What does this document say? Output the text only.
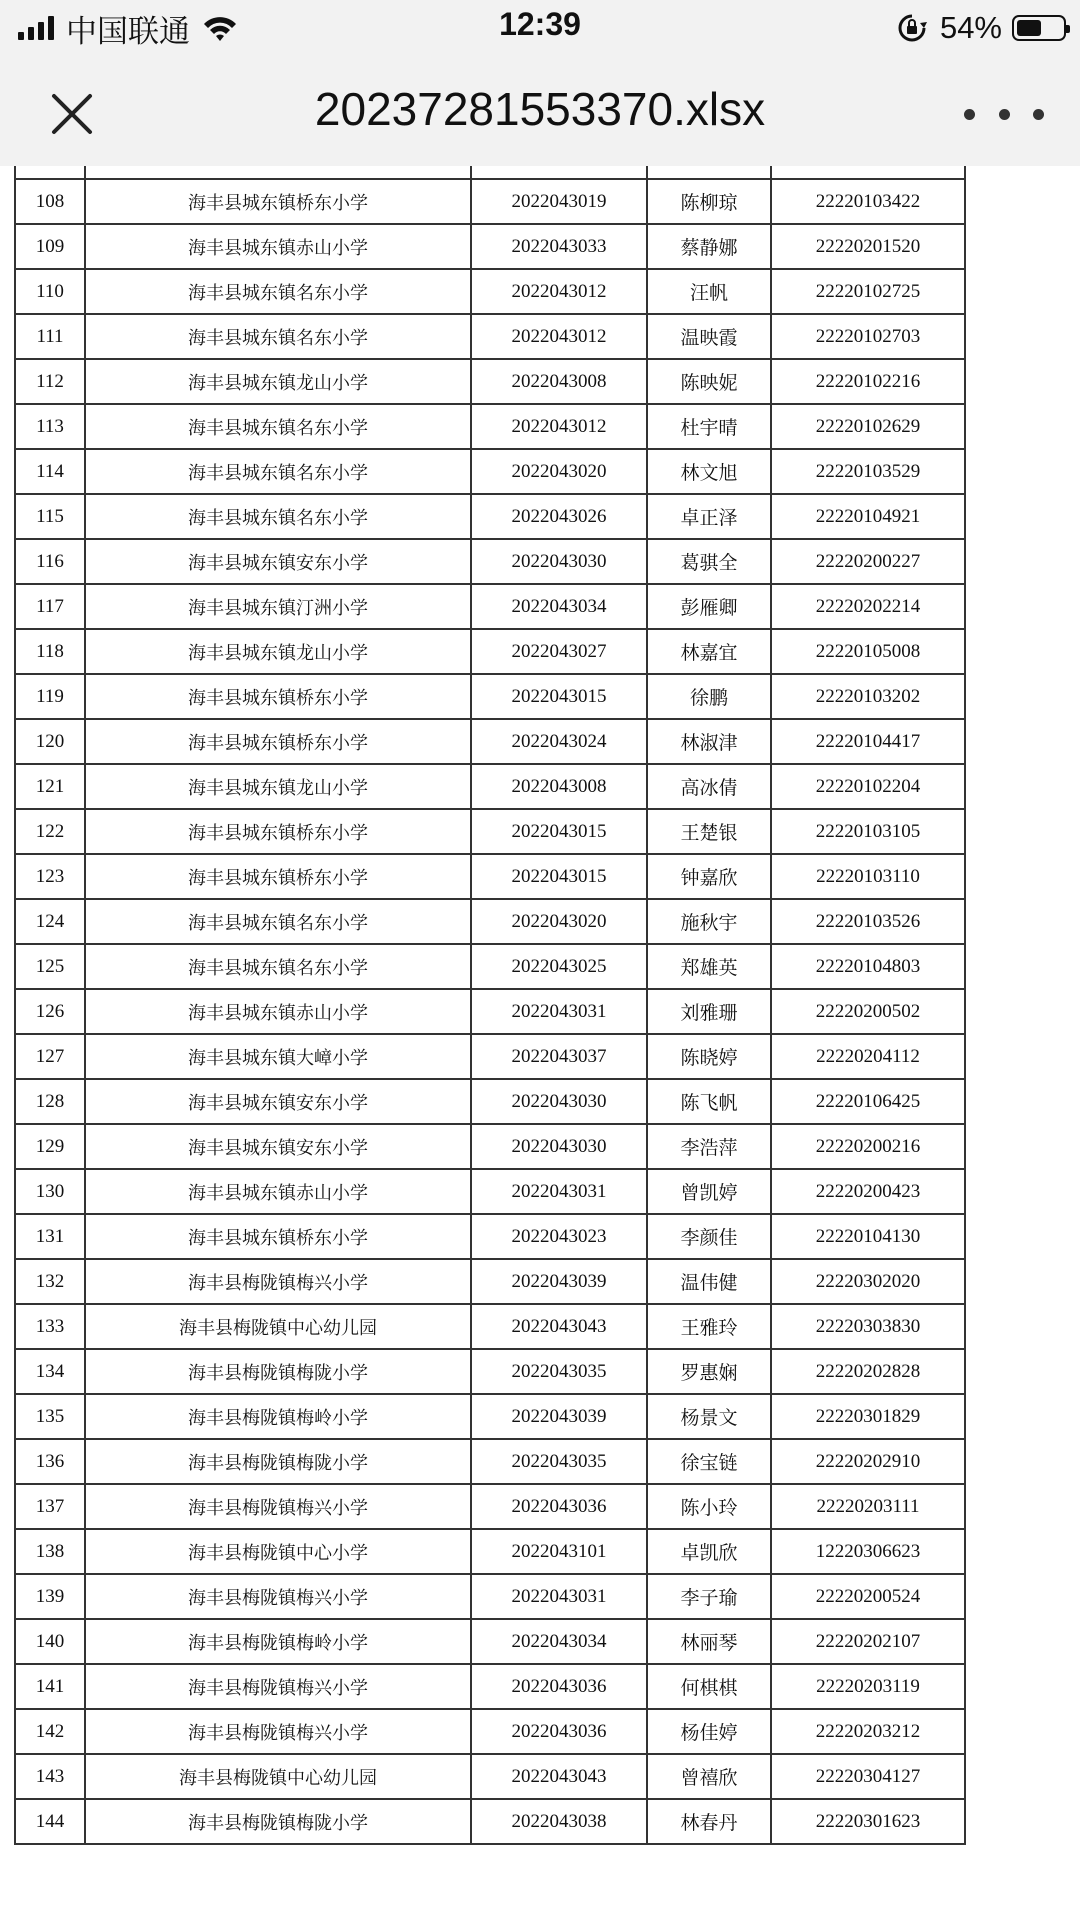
中国联通	12:39	54%
20237281553370.xlsx
108	海丰县城东镇桥东小学	2022043019	陈柳琼	22220103422
109	海丰县城东镇赤山小学	2022043033	蔡静娜	22220201520
110	海丰县城东镇名东小学	2022043012	汪帆	22220102725
111	海丰县城东镇名东小学	2022043012	温映霞	22220102703
112	海丰县城东镇龙山小学	2022043008	陈映妮	22220102216
113	海丰县城东镇名东小学	2022043012	杜宇晴	22220102629
114	海丰县城东镇名东小学	2022043020	林文旭	22220103529
115	海丰县城东镇名东小学	2022043026	卓正泽	22220104921
116	海丰县城东镇安东小学	2022043030	葛骐全	22220200227
117	海丰县城东镇汀洲小学	2022043034	彭雁卿	22220202214
118	海丰县城东镇龙山小学	2022043027	林嘉宜	22220105008
119	海丰县城东镇桥东小学	2022043015	徐鹏	22220103202
120	海丰县城东镇桥东小学	2022043024	林淑津	22220104417
121	海丰县城东镇龙山小学	2022043008	高冰倩	22220102204
122	海丰县城东镇桥东小学	2022043015	王楚银	22220103105
123	海丰县城东镇桥东小学	2022043015	钟嘉欣	22220103110
124	海丰县城东镇名东小学	2022043020	施秋宇	22220103526
125	海丰县城东镇名东小学	2022043025	郑雄英	22220104803
126	海丰县城东镇赤山小学	2022043031	刘雅珊	22220200502
127	海丰县城东镇大嶂小学	2022043037	陈晓婷	22220204112
128	海丰县城东镇安东小学	2022043030	陈飞帆	22220106425
129	海丰县城东镇安东小学	2022043030	李浩萍	22220200216
130	海丰县城东镇赤山小学	2022043031	曾凯婷	22220200423
131	海丰县城东镇桥东小学	2022043023	李颜佳	22220104130
132	海丰县梅陇镇梅兴小学	2022043039	温伟健	22220302020
133	海丰县梅陇镇中心幼儿园	2022043043	王雅玲	22220303830
134	海丰县梅陇镇梅陇小学	2022043035	罗惠娴	22220202828
135	海丰县梅陇镇梅岭小学	2022043039	杨景文	22220301829
136	海丰县梅陇镇梅陇小学	2022043035	徐宝链	22220202910
137	海丰县梅陇镇梅兴小学	2022043036	陈小玲	22220203111
138	海丰县梅陇镇中心小学	2022043101	卓凯欣	12220306623
139	海丰县梅陇镇梅兴小学	2022043031	李子瑜	22220200524
140	海丰县梅陇镇梅岭小学	2022043034	林丽琴	22220202107
141	海丰县梅陇镇梅兴小学	2022043036	何棋棋	22220203119
142	海丰县梅陇镇梅兴小学	2022043036	杨佳婷	22220203212
143	海丰县梅陇镇中心幼儿园	2022043043	曾禧欣	22220304127
144	海丰县梅陇镇梅陇小学	2022043038	林春丹	22220301623
